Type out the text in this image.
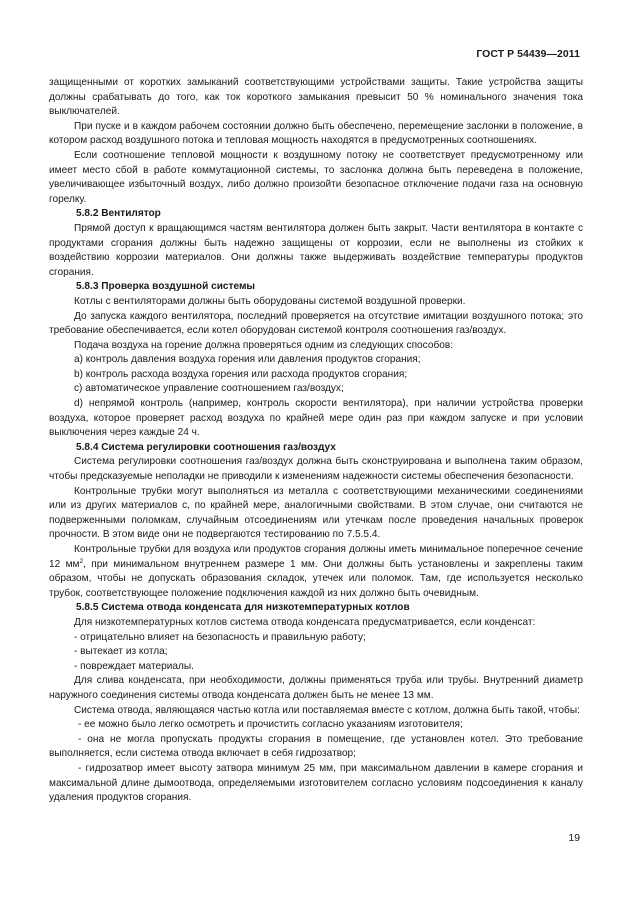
ГОСТ Р 54439—2011

защищенными от коротких замыканий соответствующими устройствами защиты. Такие устройства защиты должны срабатывать до того, как ток короткого замыкания превысит 50 % номинального значения тока выключателей.

При пуске и в каждом рабочем состоянии должно быть обеспечено, перемещение заслонки в положение, в котором расход воздушного потока и тепловая мощность находятся в предусмотренных соотношениях.

Если соотношение тепловой мощности к воздушному потоку не соответствует предусмотренному или имеет место сбой в работе коммутационной системы, то заслонка должна быть переведена в положение, увеличивающее избыточный воздух, либо должно произойти безопасное отключение подачи газа на основную горелку.

5.8.2 Вентилятор

Прямой доступ к вращающимся частям вентилятора должен быть закрыт. Части вентилятора в контакте с продуктами сгорания должны быть надежно защищены от коррозии, если не выполнены из стойких к воздействию коррозии материалов. Они должны также выдерживать воздействие температуры продуктов сгорания.

5.8.3 Проверка воздушной системы

Котлы с вентиляторами должны быть оборудованы системой воздушной проверки.

До запуска каждого вентилятора, последний проверяется на отсутствие имитации воздушного потока; это требование обеспечивается, если котел оборудован системой контроля соотношения газ/воздух.

Подача воздуха на горение должна проверяться одним из следующих способов:

a) контроль давления воздуха горения или давления продуктов сгорания;

b) контроль расхода воздуха горения или расхода продуктов сгорания;

c) автоматическое управление соотношением газ/воздух;

d) непрямой контроль (например, контроль скорости вентилятора), при наличии устройства проверки воздуха, которое проверяет расход воздуха по крайней мере один раз при каждом запуске и при условии выключения через каждые 24 ч.

5.8.4 Система регулировки соотношения газ/воздух

Система регулировки соотношения газ/воздух должна быть сконструирована и выполнена таким образом, чтобы предсказуемые неполадки не приводили к изменениям надежности системы обеспечения безопасности.

Контрольные трубки могут выполняться из металла с соответствующими механическими соединениями или из других материалов с, по крайней мере, аналогичными свойствами. В этом случае, они считаются не подверженными поломкам, случайным отсоединениям или утечкам после проведения начальных проверок прочности. В этом виде они не подвергаются тестированию по 7.5.5.4.

Контрольные трубки для воздуха или продуктов сгорания должны иметь минимальное поперечное сечение 12 $мм^2$, при минимальном внутреннем размере 1 мм. Они должны быть установлены и закреплены таким образом, чтобы не допускать образования складок, утечек или поломок. Там, где используется несколько трубок, соответствующее положение подключения каждой из них должно быть очевидным.

5.8.5 Система отвода конденсата для низкотемпературных котлов

Для низкотемпературных котлов система отвода конденсата предусматривается, если конденсат:

- отрицательно влияет на безопасность и правильную работу;

- вытекает из котла;

- повреждает материалы.

Для слива конденсата, при необходимости, должны применяться труба или трубы. Внутренний диаметр наружного соединения системы отвода конденсата должен быть не менее 13 мм.

Система отвода, являющаяся частью котла или поставляемая вместе с котлом, должна быть такой, чтобы:

- ее можно было легко осмотреть и прочистить согласно указаниям изготовителя;

- она не могла пропускать продукты сгорания в помещение, где установлен котел. Это требование выполняется, если система отвода включает в себя гидрозатвор;

- гидрозатвор имеет высоту затвора минимум 25 мм, при максимальном давлении в камере сгорания и максимальной длине дымоотвода, определяемыми изготовителем согласно условиям подсоединения к каналу удаления продуктов сгорания.

19
